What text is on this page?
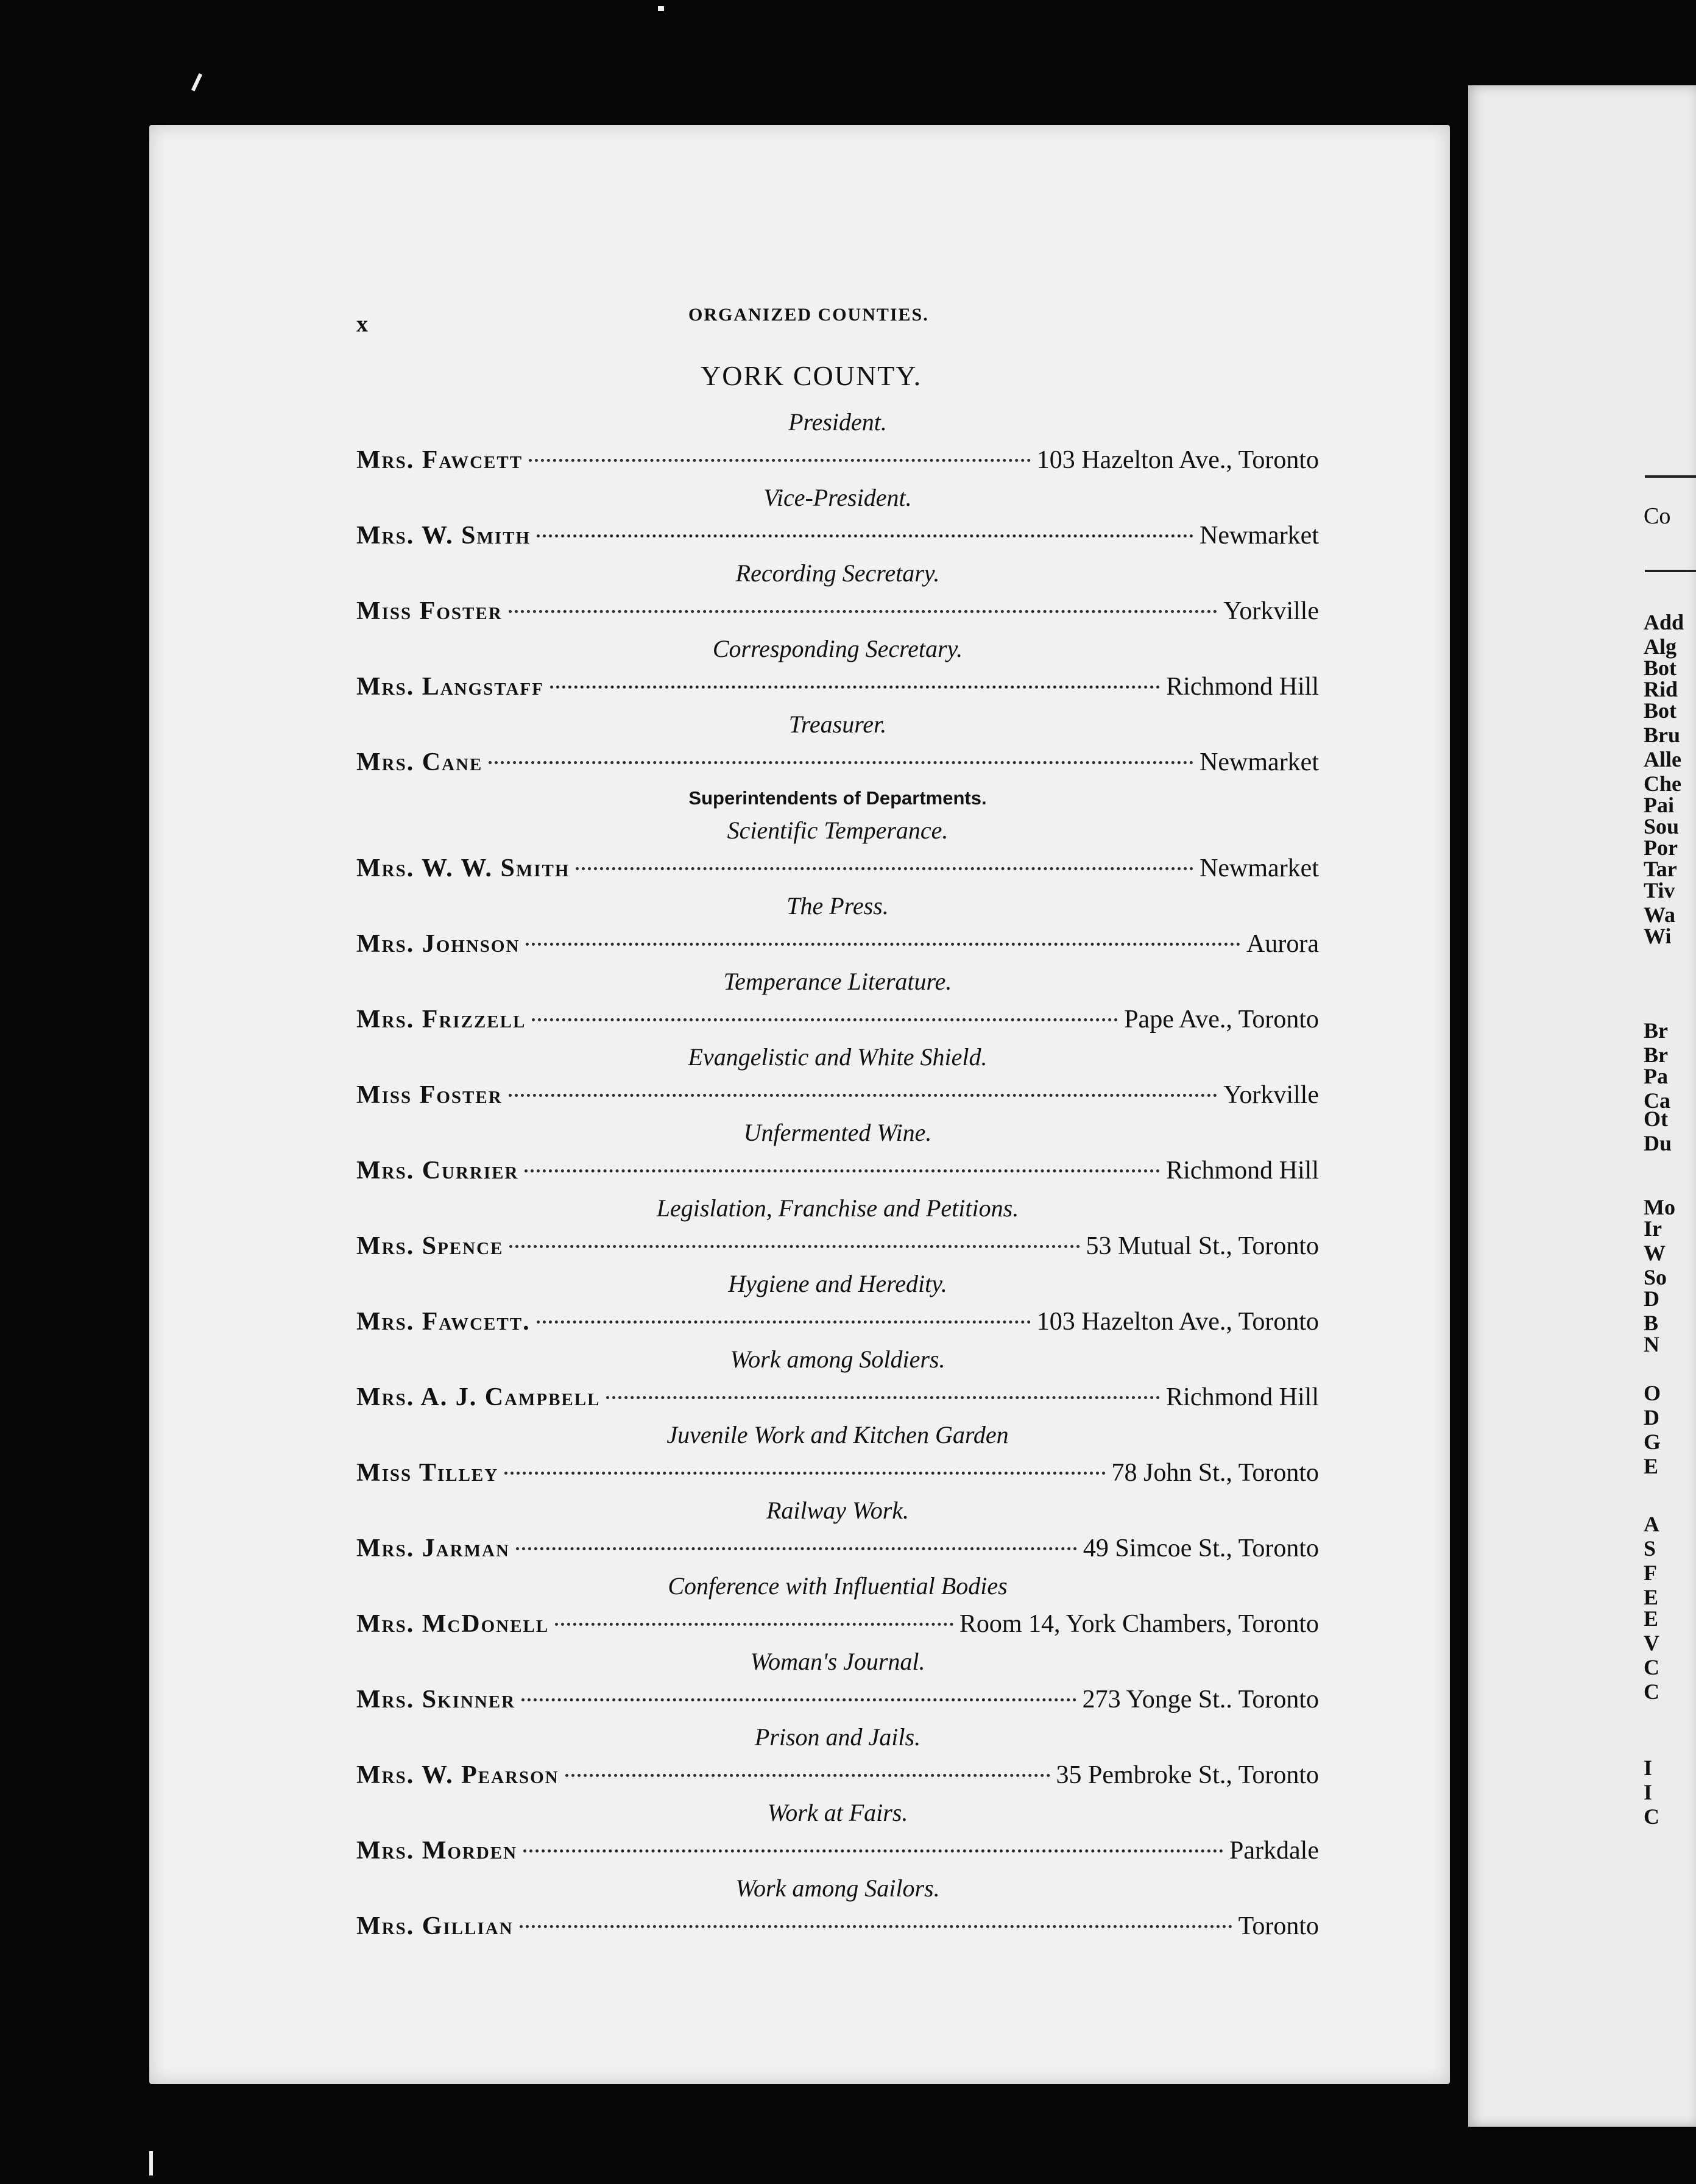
x	ORGANIZED COUNTIES.

YORK COUNTY.

President.
Mrs. Fawcett	103 Hazelton Ave., Toronto
Vice-President.
Mrs. W. Smith	Newmarket
Recording Secretary.
Miss Foster	Yorkville
Corresponding Secretary.
Mrs. Langstaff	Richmond Hill
Treasurer.
Mrs. Cane	Newmarket
Superintendents of Departments.
Scientific Temperance.
Mrs. W. W. Smith	Newmarket
The Press.
Mrs. Johnson	Aurora
Temperance Literature.
Mrs. Frizzell	Pape Ave., Toronto
Evangelistic and White Shield.
Miss Foster	Yorkville
Unfermented Wine.
Mrs. Currier	Richmond Hill
Legislation, Franchise and Petitions.
Mrs. Spence	53 Mutual St., Toronto
Hygiene and Heredity.
Mrs. Fawcett.	103 Hazelton Ave., Toronto
Work among Soldiers.
Mrs. A. J. Campbell	Richmond Hill
Juvenile Work and Kitchen Garden
Miss Tilley	78 John St., Toronto
Railway Work.
Mrs. Jarman	49 Simcoe St., Toronto
Conference with Influential Bodies
Mrs. McDonell	Room 14, York Chambers, Toronto
Woman's Journal.
Mrs. Skinner	273 Yonge St.. Toronto
Prison and Jails.
Mrs. W. Pearson	35 Pembroke St., Toronto
Work at Fairs.
Mrs. Morden	Parkdale
Work among Sailors.
Mrs. Gillian	Toronto

Co

Add

Alg

Bot

Rid

Bot

Bru

Alle

Che

Pai

Sou

Por

Tar

Tiv

Wa

Wi

Br

Br

Pa

Ca

Ot

Du

Mo

Ir

W

So

D

B

N

O

D

G

E

A

S

F

E

E

V

C

C

I

I

C
